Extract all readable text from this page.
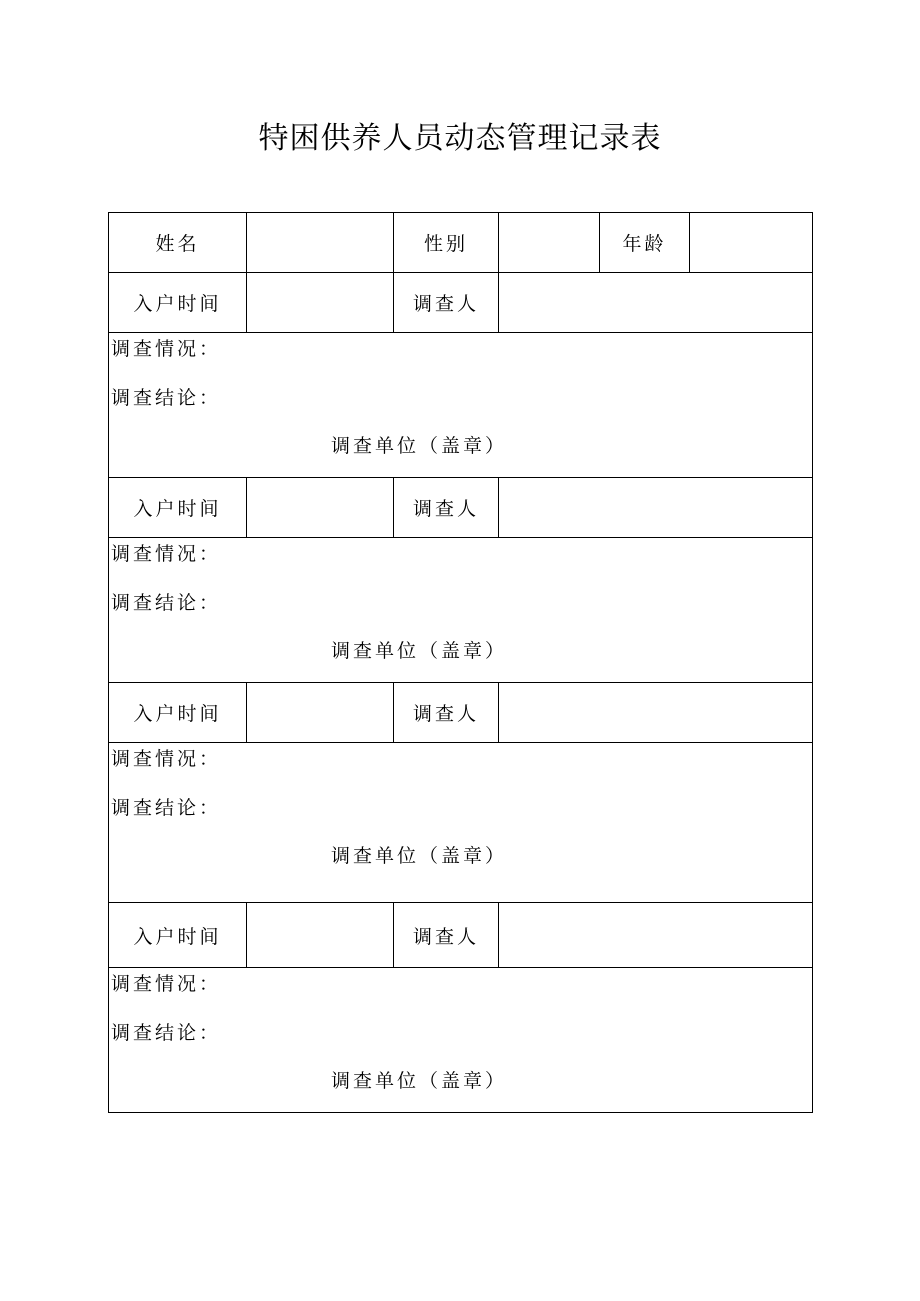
特困供养人员动态管理记录表
姓名		性别		年龄	
入户时间		调查人			

调查情况：
调查结论：
调查单位（盖章）					

入户时间		调查人			

调查情况：
调查结论：
调查单位（盖章）					

入户时间		调查人			

调查情况：
调查结论：
调查单位（盖章）					

入户时间		调查人			

调查情况：
调查结论：
调查单位（盖章）					
